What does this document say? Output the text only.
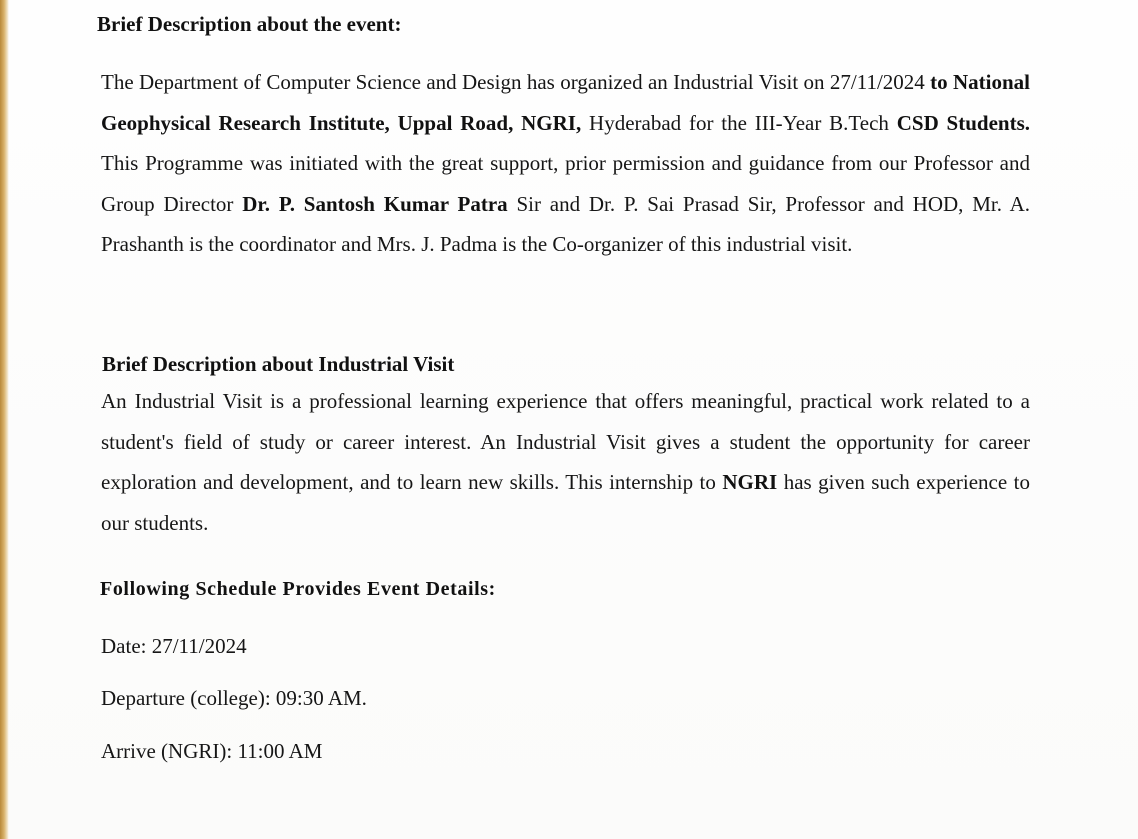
Brief Description about the event:
The Department of Computer Science and Design has organized an Industrial Visit on 27/11/2024 to National Geophysical Research Institute, Uppal Road, NGRI, Hyderabad for the III-Year B.Tech CSD Students. This Programme was initiated with the great support, prior permission and guidance from our Professor and Group Director Dr. P. Santosh Kumar Patra Sir and Dr. P. Sai Prasad Sir, Professor and HOD, Mr. A. Prashanth is the coordinator and Mrs. J. Padma is the Co-organizer of this industrial visit.
Brief Description about Industrial Visit
An Industrial Visit is a professional learning experience that offers meaningful, practical work related to a student's field of study or career interest. An Industrial Visit gives a student the opportunity for career exploration and development, and to learn new skills. This internship to NGRI has given such experience to our students.
Following Schedule Provides Event Details:
Date: 27/11/2024
Departure (college): 09:30 AM.
Arrive (NGRI): 11:00 AM
